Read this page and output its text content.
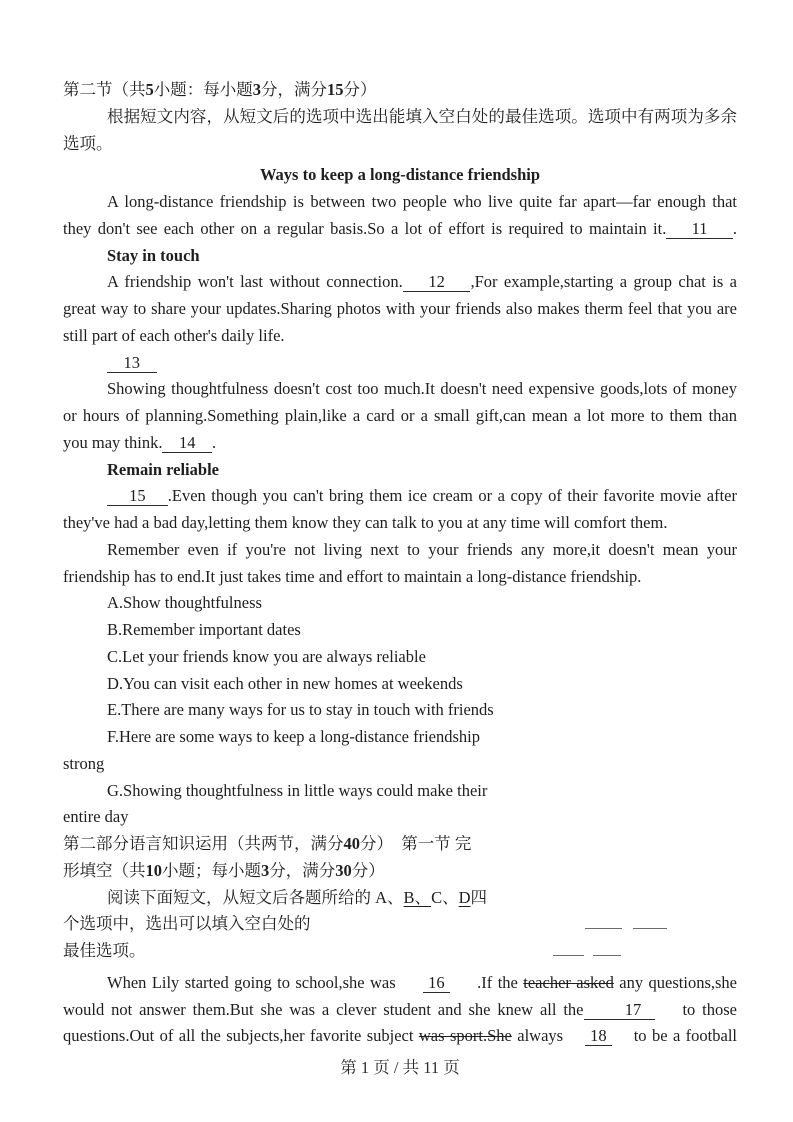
第二节（共5小题：每小题3分，满分15分）
根据短文内容，从短文后的选项中选出能填入空白处的最佳选项。选项中有两项为多余
选项。
Ways to keep a long-distance friendship
A long-distance friendship is between two people who live quite far apart—far enough that
they don't see each other on a regular basis.So a lot of effort is required to maintain it.    11    .
Stay in touch
A friendship won't last without connection.    12    ,For example,starting a group chat is a
great way to share your updates.Sharing photos with your friends also makes therm feel that you are
still part of each other's daily life.
13
Showing thoughtfulness doesn't cost too much.It doesn't need expensive goods,lots of money
or hours of planning.Something plain,like a card or a small gift,can mean a lot more to them than
you may think.    14    .
Remain reliable
15    .Even though you can't bring them ice cream or a copy of their favorite movie after
they've had a bad day,letting them know they can talk to you at any time will comfort them.
Remember even if you're not living next to your friends any more,it doesn't mean your
friendship has to end.It just takes time and effort to maintain a long-distance friendship.
A.Show thoughtfulness
B.Remember important dates
C.Let your friends know you are always reliable
D.You can visit each other in new homes at weekends
E.There are many ways for us to stay in touch with friends
F.Here are some ways to keep a long-distance friendship
strong
G.Showing thoughtfulness in little ways could make their
entire day
第二部分语言知识运用（共两节，满分40分）  第一节 完
形填空（共10小题；每小题3分，满分30分）
阅读下面短文，从短文后各题所给的 A、B、C、D四
个选项中，选出可以填入空白处的
最佳选项。
When Lily started going to school,she was      16      .If the teacher asked any questions,she
would not answer them.But she was a clever student and she knew all the      17      to those
questions.Out of all the subjects,her favorite subject was sport.She always     18     to be a football
第 1 页 / 共 11 页
